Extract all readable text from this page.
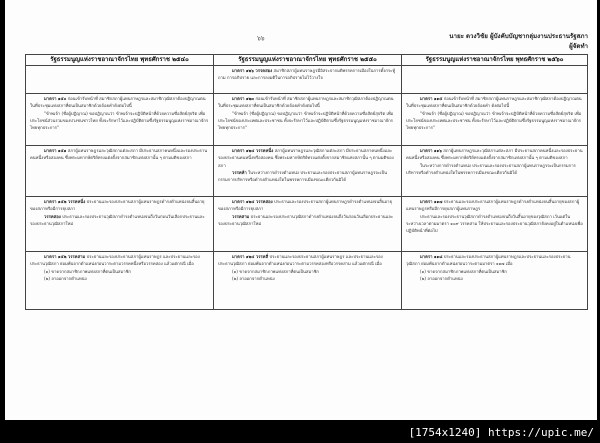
๖๖	นายะ ดวงวิชัย ผู้บังคับบัญชากลุ่มงานประธานรัฐสภา
ผู้จัดทำ
รัฐธรรมนูญแห่งราชอาณาจักรไทย พุทธศักราช ๒๕๔๐	รัฐธรรมนูญแห่งราชอาณาจักรไทย พุทธศักราช ๒๕๕๐	รัฐธรรมนูญแห่งราชอาณาจักรไทย พุทธศักราช ๒๕๖๐

	มาตรา ๑๒๖ วรรคสอง สมาชิกสภาผู้แทนราษฎรมีอิสระจากมติพรรคการเมืองในการตั้งกระทู้ถาม การอภิปราย และการลงมติในการอภิปรายไม่ไว้วางใจ	

มาตรา ๑๕๐ ก่อนเข้ารับหน้าที่ สมาชิกสภาผู้แทนราษฎรและสมาชิกวุฒิสภาต้องปฏิญาณตนในที่ประชุมแห่งสภาที่ตนเป็นสมาชิกด้วยถ้อยคำดังต่อไปนี้
"ข้าพเจ้า (ชื่อผู้ปฏิญาณ) ขอปฏิญาณว่า ข้าพเจ้าจะปฏิบัติหน้าที่ด้วยความซื่อสัตย์สุจริต เพื่อประโยชน์ส่วนรวมของปวงชนชาวไทย ทั้งจะรักษาไว้และปฏิบัติตามซึ่งรัฐธรรมนูญแห่งราชอาณาจักรไทยทุกประการ"

มาตรา ๑๒๓ ก่อนเข้ารับหน้าที่ สมาชิกสภาผู้แทนราษฎรและสมาชิกวุฒิสภาต้องปฏิญาณตนในที่ประชุมแห่งสภาที่ตนเป็นสมาชิกด้วยถ้อยคำดังต่อไปนี้
"ข้าพเจ้า (ชื่อผู้ปฏิญาณ) ขอปฏิญาณว่า ข้าพเจ้าจะปฏิบัติหน้าที่ด้วยความซื่อสัตย์สุจริต เพื่อประโยชน์ของประเทศและประชาชน ทั้งจะรักษาไว้และปฏิบัติตามซึ่งรัฐธรรมนูญแห่งราชอาณาจักรไทยทุกประการ"

มาตรา ๑๑๕ ก่อนเข้ารับหน้าที่ สมาชิกสภาผู้แทนราษฎรและสมาชิกวุฒิสภาต้องปฏิญาณตนในที่ประชุมแห่งสภาที่ตนเป็นสมาชิกด้วยถ้อยคำ ดังต่อไปนี้
"ข้าพเจ้า (ชื่อผู้ปฏิญาณ) ขอปฏิญาณว่า ข้าพเจ้าจะปฏิบัติหน้าที่ด้วยความซื่อสัตย์สุจริต เพื่อประโยชน์ของประเทศและประชาชน ทั้งจะรักษาไว้และปฏิบัติตามซึ่งรัฐธรรมนูญแห่งราชอาณาจักรไทยทุกประการ"

มาตรา ๑๕๑ สภาผู้แทนราษฎรและวุฒิสภาแต่ละสภา มีประธานสภาคนหนึ่งและรองประธานคนหนึ่งหรือสองคน ซึ่งพระมหากษัตริย์ทรงแต่งตั้งจากสมาชิกแห่งสภานั้น ๆ ตามมติของสภา

มาตรา ๑๒๔ วรรคหนึ่ง สภาผู้แทนราษฎรและวุฒิสภาแต่ละสภา มีประธานสภาคนหนึ่งและรองประธานคนหนึ่งหรือสองคน ซึ่งพระมหากษัตริย์ทรงแต่งตั้งจากสมาชิกแห่งสภานั้น ๆ ตามมติของสภา
วรรคห้า ในระหว่างการดำรงตำแหน่ง ประธานและรองประธานสภาผู้แทนราษฎรจะเป็นกรรมการบริหารหรือดำรงตำแหน่งใดในพรรคการเมืองขณะเดียวกันมิได้

มาตรา ๑๑๖ สภาผู้แทนราษฎรและวุฒิสภาแต่ละสภา มีประธานสภาคนหนึ่งและรองประธานคนหนึ่งหรือสองคน ซึ่งพระมหากษัตริย์ทรงแต่งตั้งจากสมาชิกแห่งสภานั้น ๆ ตามมติของสภา
ในระหว่างการดำรงตำแหน่ง ประธานและรองประธานสภาผู้แทนราษฎรจะเป็นกรรมการบริหารหรือดำรงตำแหน่งใดในพรรคการเมืองขณะเดียวกันมิได้

มาตรา ๑๕๒ วรรคหนึ่ง ประธานและรองประธานสภาผู้แทนราษฎรดำรงตำแหน่งจนสิ้นอายุของสภาหรือมีการยุบสภา
วรรคสอง ประธานและรองประธานวุฒิสภาดำรงตำแหน่งจนถึงวันก่อนวันเลือกประธานและรองประธานวุฒิสภาใหม่

มาตรา ๑๒๔ วรรคสอง ประธานและรองประธานสภาผู้แทนราษฎรดำรงตำแหน่งจนสิ้นอายุของสภาหรือมีการยุบสภา
วรรคสาม ประธานและรองประธานวุฒิสภาดำรงตำแหน่งจนถึงวันก่อนวันเลือกประธานและรองประธานวุฒิสภาใหม่

มาตรา ๑๑๗ ประธานและรองประธานสภาผู้แทนราษฎรดำรงตำแหน่งจนสิ้นอายุของสภาผู้แทนราษฎรหรือมีการยุบสภาผู้แทนราษฎร
ประธานและรองประธานวุฒิสภาดำรงตำแหน่งจนถึงวันสิ้นอายุของวุฒิสภา เว้นแต่ในระหว่างเวลาตามมาตรา ๑๐๙ วรรคสาม ให้ประธานและรองประธานวุฒิสภายังคงอยู่ในตำแหน่งเพื่อปฏิบัติหน้าที่ต่อไป

มาตรา ๑๕๒ วรรคสาม ประธานและรองประธานสภาผู้แทนราษฎร และประธานและรองประธานวุฒิสภา ย่อมพ้นจากตำแหน่งก่อนวาระตามวรรคหนึ่งหรือวรรคสอง แล้วแต่กรณี เมื่อ
(๑) ขาดจากสมาชิกภาพแห่งสภาที่ตนเป็นสมาชิก
(๒) ลาออกจากตำแหน่ง

มาตรา ๑๒๔ วรรคสี่ ประธานและรองประธานสภาผู้แทนราษฎร และประธานและรองประธานวุฒิสภา ย่อมพ้นจากตำแหน่งก่อนวาระตามวรรคสองหรือวรรคสาม แล้วแต่กรณี เมื่อ
(๑) ขาดจากสมาชิกภาพแห่งสภาที่ตนเป็นสมาชิก
(๒) ลาออกจากตำแหน่ง

มาตรา ๑๑๘ ประธานและรองประธานสภาผู้แทนราษฎรและประธานและรองประธานวุฒิสภา ย่อมพ้นจากตำแหน่งก่อนวาระตามมาตรา ๑๑๗ เมื่อ
(๑) ขาดจากสมาชิกภาพแห่งสภาที่ตนเป็นสมาชิก
(๒) ลาออกจากตำแหน่ง
[1754x1240] https://upic.me/
